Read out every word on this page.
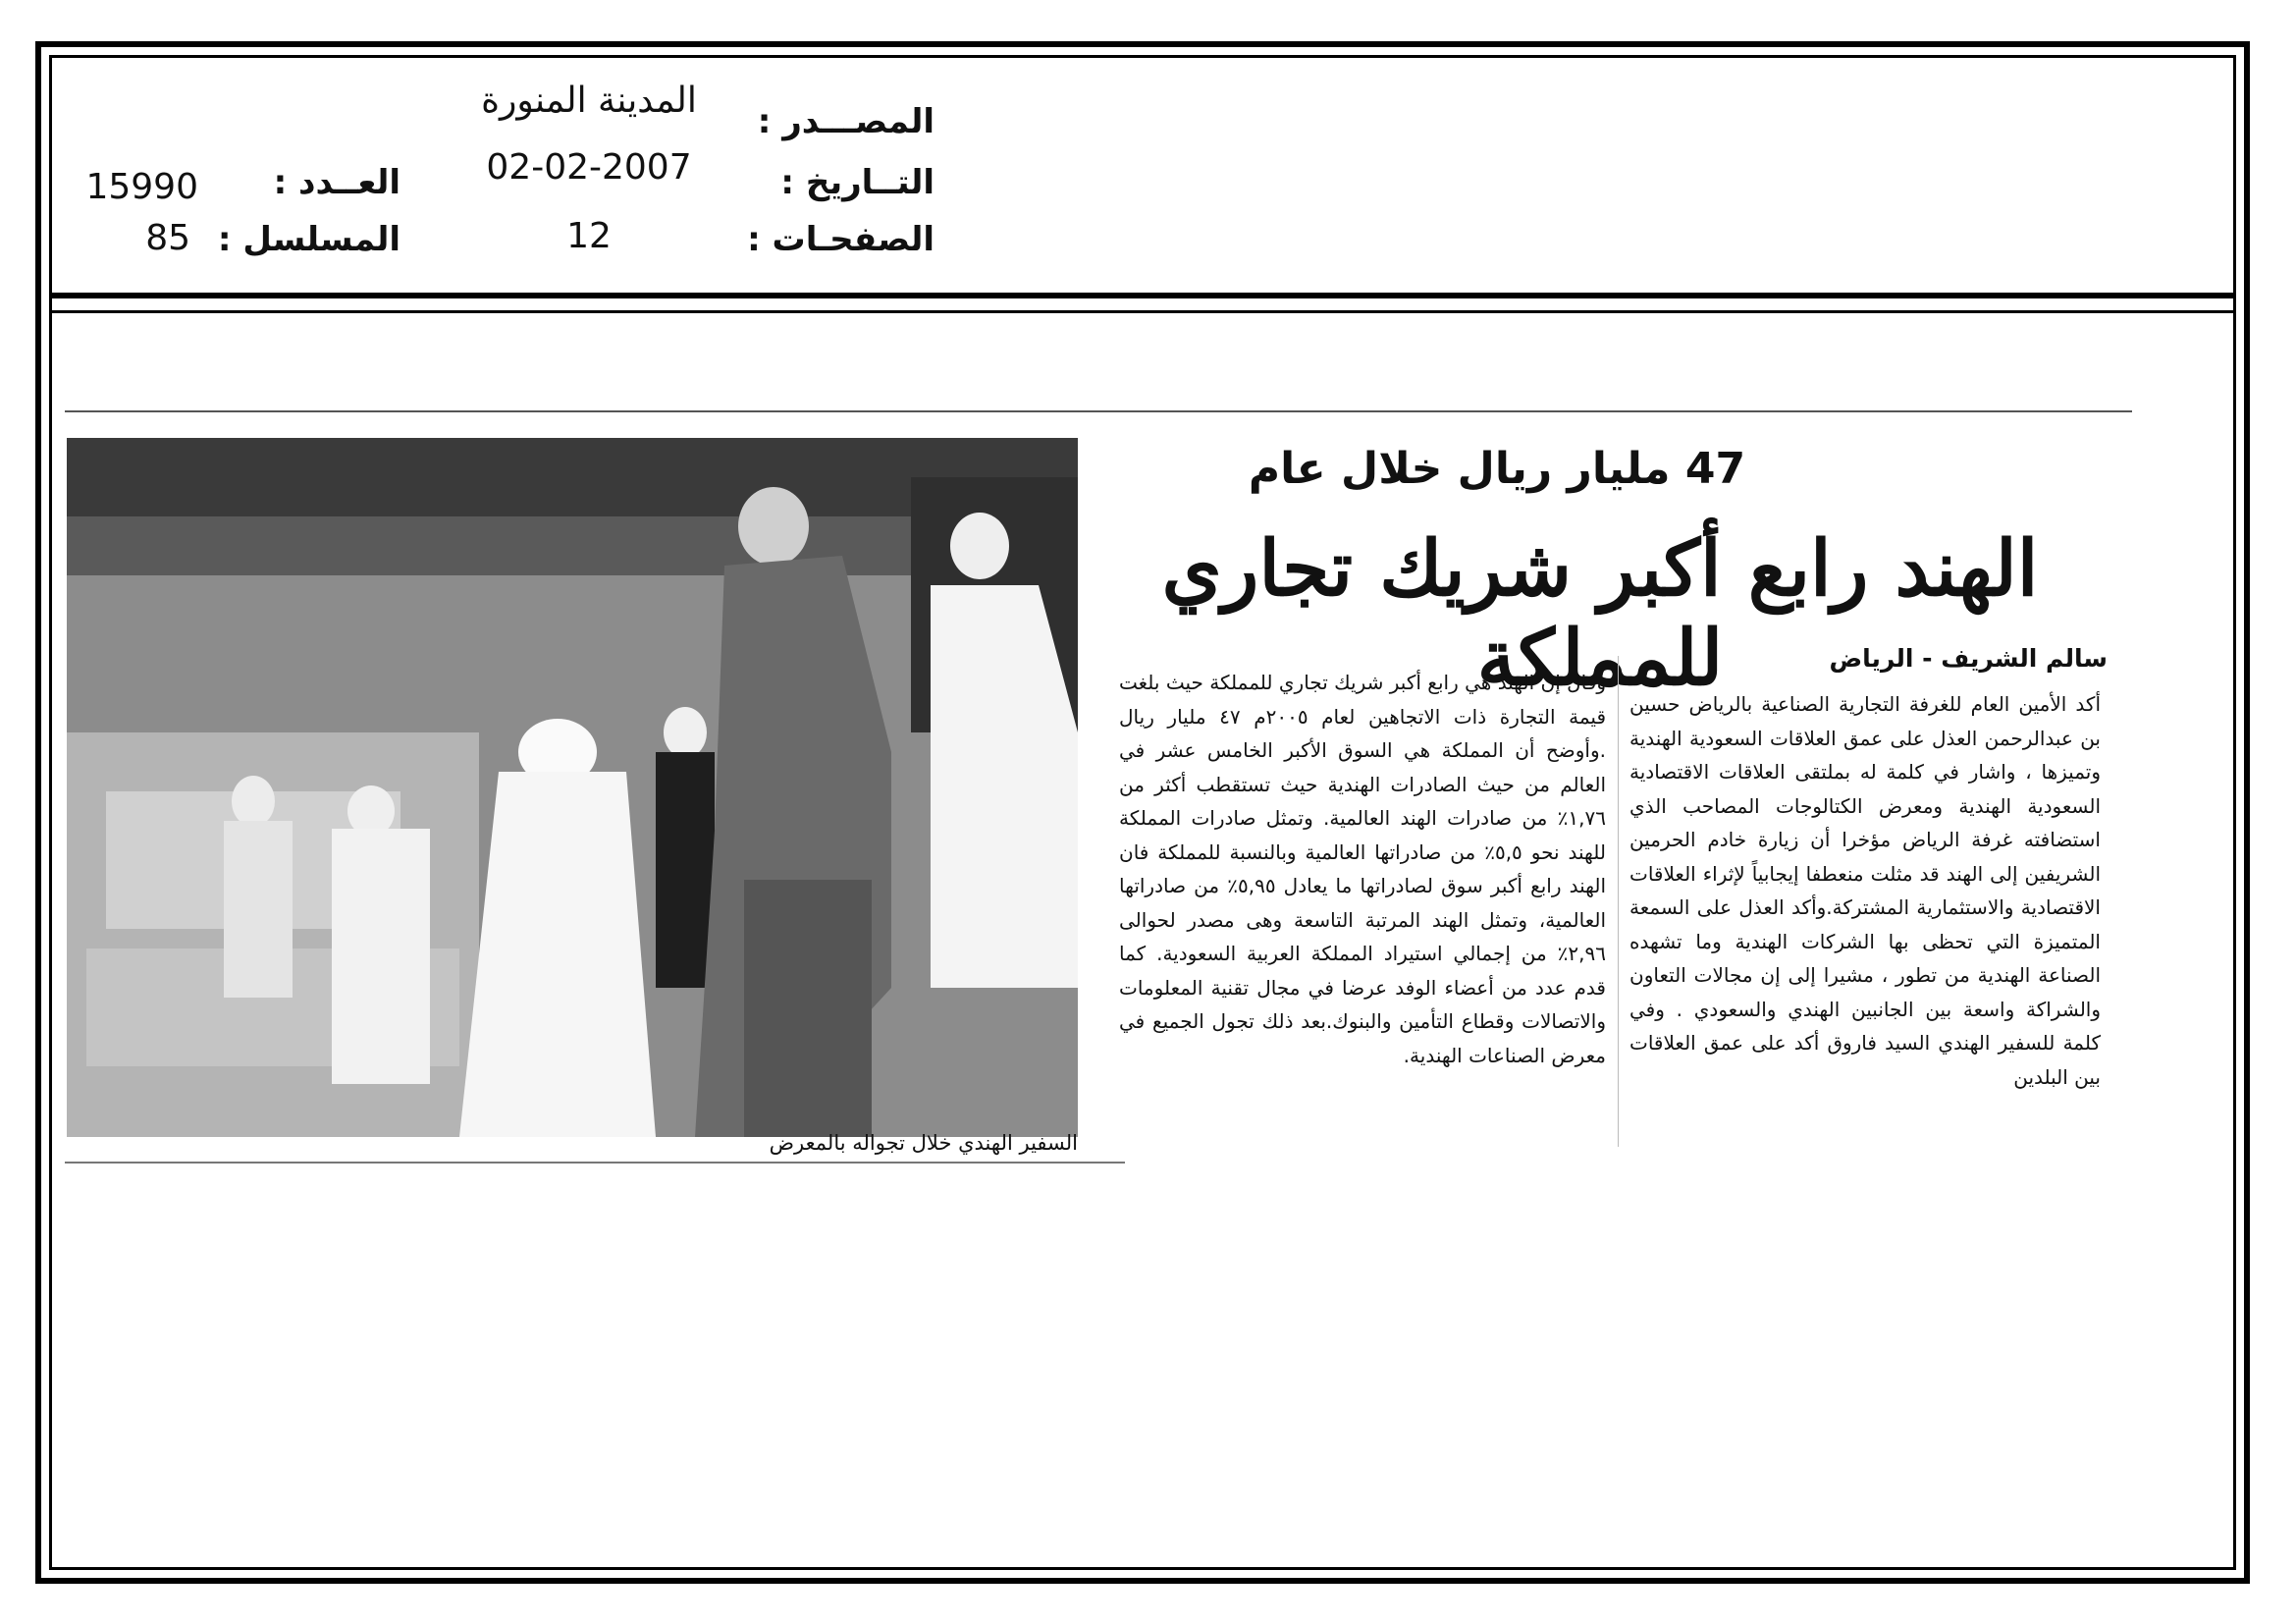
المصـــدر :
التــاريخ :
الصفحـات :
العــدد :
المسلسل :
المدينة المنورة
02-02-2007
12
15990
85
السفير الهندي خلال تجواله بالمعرض
47 مليار ريال خلال عام
الهند رابع أكبر شريك تجاري للمملكة	سالم الشريف - الرياض

أكد الأمين العام للغرفة التجارية الصناعية بالرياض حسين بن عبدالرحمن العذل على عمق العلاقات السعودية الهندية وتميزها ، واشار في كلمة له بملتقى العلاقات الاقتصادية السعودية الهندية ومعرض الكتالوجات المصاحب الذي استضافته غرفة الرياض مؤخرا أن زيارة خادم الحرمين الشريفين إلى الهند قد مثلت منعطفا إيجابياً لإثراء العلاقات الاقتصادية والاستثمارية المشتركة.وأكد العذل على السمعة المتميزة التي تحظى بها الشركات الهندية وما تشهده الصناعة الهندية من تطور ، مشيرا إلى إن مجالات التعاون والشراكة واسعة بين الجانبين الهندي والسعودي . وفي كلمة للسفير الهندي السيد فاروق أكد على عمق العلاقات بين البلدين

وقال إن الهند هي رابع أكبر شريك تجاري للمملكة حيث بلغت قيمة التجارة ذات الاتجاهين لعام ٢٠٠٥م ٤٧ مليار ريال .وأوضح أن المملكة هي السوق الأكبر الخامس عشر في العالم من حيث الصادرات الهندية حيث تستقطب أكثر من ١,٧٦٪ من صادرات الهند العالمية. وتمثل صادرات المملكة للهند نحو ٥,٥٪ من صادراتها العالمية وبالنسبة للمملكة فان الهند رابع أكبر سوق لصادراتها ما يعادل ٥,٩٥٪ من صادراتها العالمية، وتمثل الهند المرتبة التاسعة وهى مصدر لحوالى ٢,٩٦٪ من إجمالي استيراد المملكة العربية السعودية. كما قدم عدد من أعضاء الوفد عرضا في مجال تقنية المعلومات والاتصالات وقطاع التأمين والبنوك.بعد ذلك تجول الجميع في معرض الصناعات الهندية.
